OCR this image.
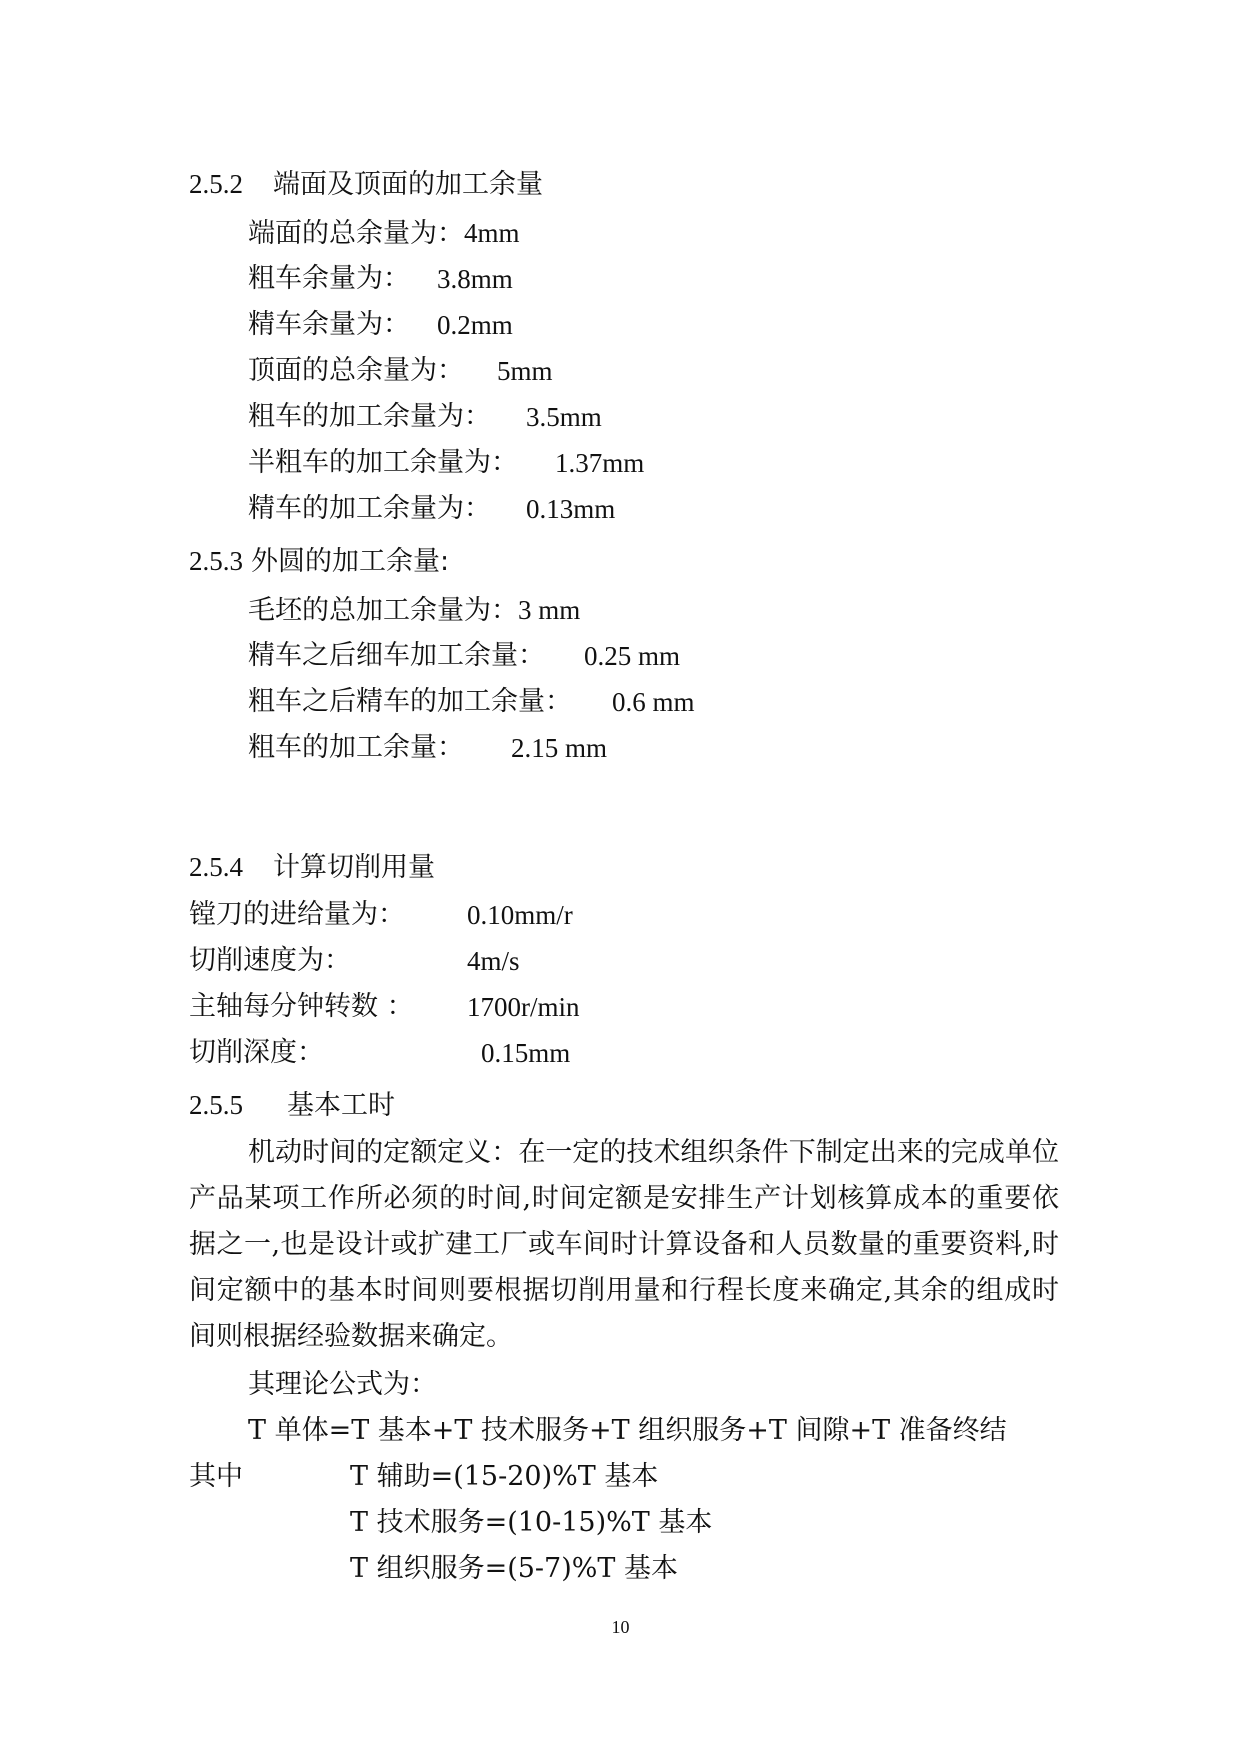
2.5.2 端面及顶面的加工余量
端面的总余量为：4mm
粗车余量为： 3.8mm
精车余量为： 0.2mm
顶面的总余量为： 5mm
粗车的加工余量为： 3.5mm
半粗车的加工余量为： 1.37mm
精车的加工余量为： 0.13mm
2.5.3 外圆的加工余量:
毛坯的总加工余量为：3 mm
精车之后细车加工余量： 0.25 mm
粗车之后精车的加工余量： 0.6 mm
粗车的加工余量： 2.15 mm
2.5.4 计算切削用量
镗刀的进给量为： 0.10mm/r
切削速度为：	4m/s
主轴每分钟转数 ： 1700r/min
切削深度：	0.15mm
2.5.5 基本工时
机动时间的定额定义：在一定的技术组织条件下制定出来的完成单位产品某项工作所必须的时间,时间定额是安排生产计划核算成本的重要依据之一,也是设计或扩建工厂或车间时计算设备和人员数量的重要资料,时间定额中的基本时间则要根据切削用量和行程长度来确定,其余的组成时间则根据经验数据来确定。
其理论公式为：
T 单体=T 基本+T 技术服务+T 组织服务+T 间隙+T 准备终结
其中	T 辅助=(15-20)%T 基本
T 技术服务=(10-15)%T 基本
T 组织服务=(5-7)%T 基本
10
